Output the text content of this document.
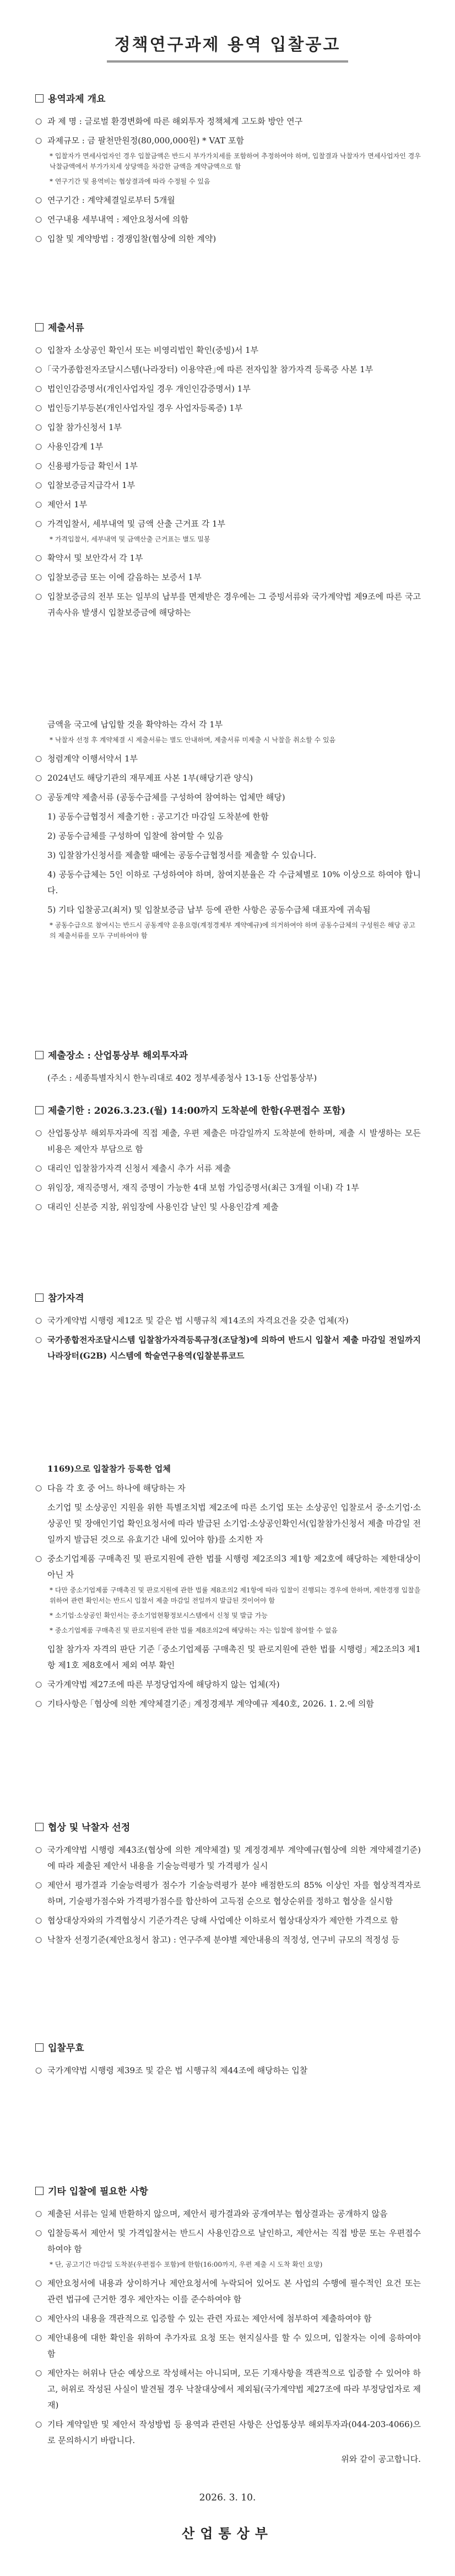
정책연구과제 용역 입찰공고
용역과제 개요
○ 과 제 명 : 글로벌 환경변화에 따른 해외투자 정책체계 고도화 방안 연구
○ 과제규모 : 금 팔천만원정(80,000,000원) * VAT 포함
* 입찰자가 면세사업자인 경우 입찰금액은 반드시 부가가치세를 포함하여 추정하여야 하며, 입찰결과 낙찰자가 면세사업자인 경우 낙찰금액에서 부가가치세 상당액을 차감한 금액을 계약금액으로 함
* 연구기간 및 용역비는 협상결과에 따라 수정될 수 있음
○ 연구기간 : 계약체결일로부터 5개월
○ 연구내용 세부내역 : 제안요청서에 의함
○ 입찰 및 계약방법 : 경쟁입찰(협상에 의한 계약)
제출서류
○ 입찰자 소상공인 확인서 또는 비영리법인 확인(중빙)서 1부
○ ｢국가종합전자조달시스템(나라장터) 이용약관｣에 따른 전자입찰 참가자격 등록증 사본 1부
○ 법인인감증명서(개인사업자일 경우 개인인감증명서) 1부
○ 법인등기부등본(개인사업자일 경우 사업자등록증) 1부
○ 입찰 참가신청서 1부
○ 사용인감계 1부
○ 신용평가등급 확인서 1부
○ 입찰보증금지급각서 1부
○ 제안서 1부
○ 가격입찰서, 세부내역 및 금액 산출 근거표 각 1부
* 가격입찰서, 세부내역 및 금액산출 근거표는 별도 밀봉
○ 확약서 및 보안각서 각 1부
○ 입찰보증금 또는 이에 갈음하는 보증서 1부
○ 입찰보증금의 전부 또는 일부의 납부를 면제받은 경우에는 그 증빙서류와 국가계약법 제9조에 따른 국고 귀속사유 발생시 입찰보증금에 해당하는
금액을 국고에 납입할 것을 확약하는 각서 각 1부
* 낙찰자 선정 후 계약체결 시 제출서류는 별도 안내하며, 제출서류 미제출 시 낙찰을 취소할 수 있음
○ 청렴계약 이행서약서 1부
○ 2024년도 해당기관의 재무제표 사본 1부(해당기관 양식)
○ 공동계약 제출서류 (공동수급체를 구성하여 참여하는 업체만 해당)
1) 공동수급협정서 제출기한 : 공고기간 마감일 도착분에 한함
2) 공동수급체를 구성하여 입찰에 참여할 수 있음
3) 입찰참가신청서를 제출할 때에는 공동수급협정서를 제출할 수 있습니다.
4) 공동수급체는 5인 이하로 구성하여야 하며, 참여지분율은 각 수급체별로 10% 이상으로 하여야 합니다.
5) 기타 입찰공고(최저) 및 입찰보증금 납부 등에 관한 사항은 공동수급체 대표자에 귀속됨
* 공동수급으로 참여시는 반드시 공동계약 운용요령(계정경제부 계약예규)에 의거하여야 하며 공동수급체의 구성원은 해당 공고의 제출서류를 모두 구비하여야 함
제출장소 : 산업통상부 해외투자과
(주소 : 세종특별자치시 한누리대로 402 정부세종청사 13-1동 산업통상부)
제출기한 : 2026.3.23.(월) 14:00까지 도착분에 한함(우편접수 포함)
○ 산업통상부 해외투자과에 직접 제출, 우편 제출은 마감일까지 도착분에 한하며, 제출 시 발생하는 모든 비용은 제안자 부담으로 함
○ 대리인 입찰참가자격 신청서 제출시 추가 서류 제출
○ 위임장, 재직증명서, 재직 증명이 가능한 4대 보험 가입증명서(최근 3개월 이내) 각 1부
○ 대리인 신분증 지참, 위임장에 사용인감 날인 및 사용인감계 제출
참가자격
○ 국가계약법 시행령 제12조 및 같은 법 시행규칙 제14조의 자격요건을 갖춘 업체(자)
○ 국가종합전자조달시스템 입찰참가자격등록규정(조달청)에 의하여 반드시 입찰서 제출 마감일 전일까지 나라장터(G2B) 시스템에 학술연구용역(입찰분류코드
1169)으로 입찰참가 등록한 업체
○ 다음 각 호 중 어느 하나에 해당하는 자
소기업 및 소상공인 지원을 위한 특별조치법 제2조에 따른 소기업 또는 소상공인 입찰로서 중·소기업·소상공인 및 장애인기업 확인요청서에 따라 발급된 소기업·소상공인확인서(입찰참가신청서 제출 마감일 전일까지 발급된 것으로 유효기간 내에 있어야 함)를 소지한 자
○ 중소기업제품 구매촉진 및 판로지원에 관한 법률 시행령 제2조의3 제1항 제2호에 해당하는 제한대상이 아닌 자
* 다만 중소기업제품 구매촉진 및 판로지원에 관한 법률 제8조의2 제1항에 따라 입찰이 진행되는 경우에 한하며, 제한경쟁 입찰을 위하여 관련 확인서는 반드시 입찰서 제출 마감일 전일까지 발급된 것이어야 함
* 소기업·소상공인 확인서는 중소기업현황정보시스템에서 신청 및 발급 가능
* 중소기업제품 구매촉진 및 판로지원에 관한 법률 제8조의2에 해당하는 자는 입찰에 참여할 수 없음
입찰 참가자 자격의 판단 기준 ｢중소기업제품 구매촉진 및 판로지원에 관한 법률 시행령｣ 제2조의3 제1항 제1호 제8호에서 제외 여부 확인
○ 국가계약법 제27조에 따른 부정당업자에 해당하지 않는 업체(자)
○ 기타사항은 ｢협상에 의한 계약체결기준｣ 계정경제부 계약예규 제40호, 2026. 1. 2.에 의함
협상 및 낙찰자 선정
○ 국가계약법 시행령 제43조(협상에 의한 계약체결) 및 계정경제부 계약예규(협상에 의한 계약체결기준)에 따라 제출된 제안서 내용을 기술능력평가 및 가격평가 실시
○ 제안서 평가결과 기술능력평가 점수가 기술능력평가 분야 배점한도의 85% 이상인 자를 협상적격자로 하며, 기술평가점수와 가격평가점수를 합산하여 고득점 순으로 협상순위를 정하고 협상을 실시함
○ 협상대상자와의 가격협상시 기준가격은 당해 사업예산 이하로서 협상대상자가 제안한 가격으로 함
○ 낙찰자 선정기준(제안요청서 참고) : 연구주제 분야별 제안내용의 적정성, 연구비 규모의 적정성 등
입찰무효
○ 국가계약법 시행령 제39조 및 같은 법 시행규칙 제44조에 해당하는 입찰
기타 입찰에 필요한 사항
○ 제출된 서류는 일체 반환하지 않으며, 제안서 평가결과와 공개여부는 협상결과는 공개하지 않음
○ 입찰등록서 제안서 및 가격입찰서는 반드시 사용인감으로 날인하고, 제안서는 직접 방문 또는 우편접수 하여야 함
* 단, 공고기간 마감일 도착분(우편접수 포함)에 한함(16:00까지, 우편 제출 시 도착 확인 요망)
○ 제안요청서에 내용과 상이하거나 제안요청서에 누락되어 있어도 본 사업의 수행에 필수적인 요건 또는 관련 법규에 근거한 경우 제안자는 이를 준수하여야 함
○ 제안사의 내용을 객관적으로 입증할 수 있는 관련 자료는 제안서에 첨부하여 제출하여야 함
○ 제안내용에 대한 확인을 위하여 추가자료 요청 또는 현지실사를 할 수 있으며, 입찰자는 이에 응하여야 함
○ 제안자는 허위나 단순 예상으로 작성해서는 아니되며, 모든 기재사항을 객관적으로 입증할 수 있어야 하고, 허위로 작성된 사실이 발견될 경우 낙찰대상에서 제외됨(국가계약법 제27조에 따라 부정당업자로 제재)
○ 기타 계약일반 및 제안서 작성방법 등 용역과 관련된 사항은 산업통상부 해외투자과(044-203-4066)으로 문의하시기 바랍니다.
위와 같이 공고합니다.
2026. 3. 10.
산업통상부
